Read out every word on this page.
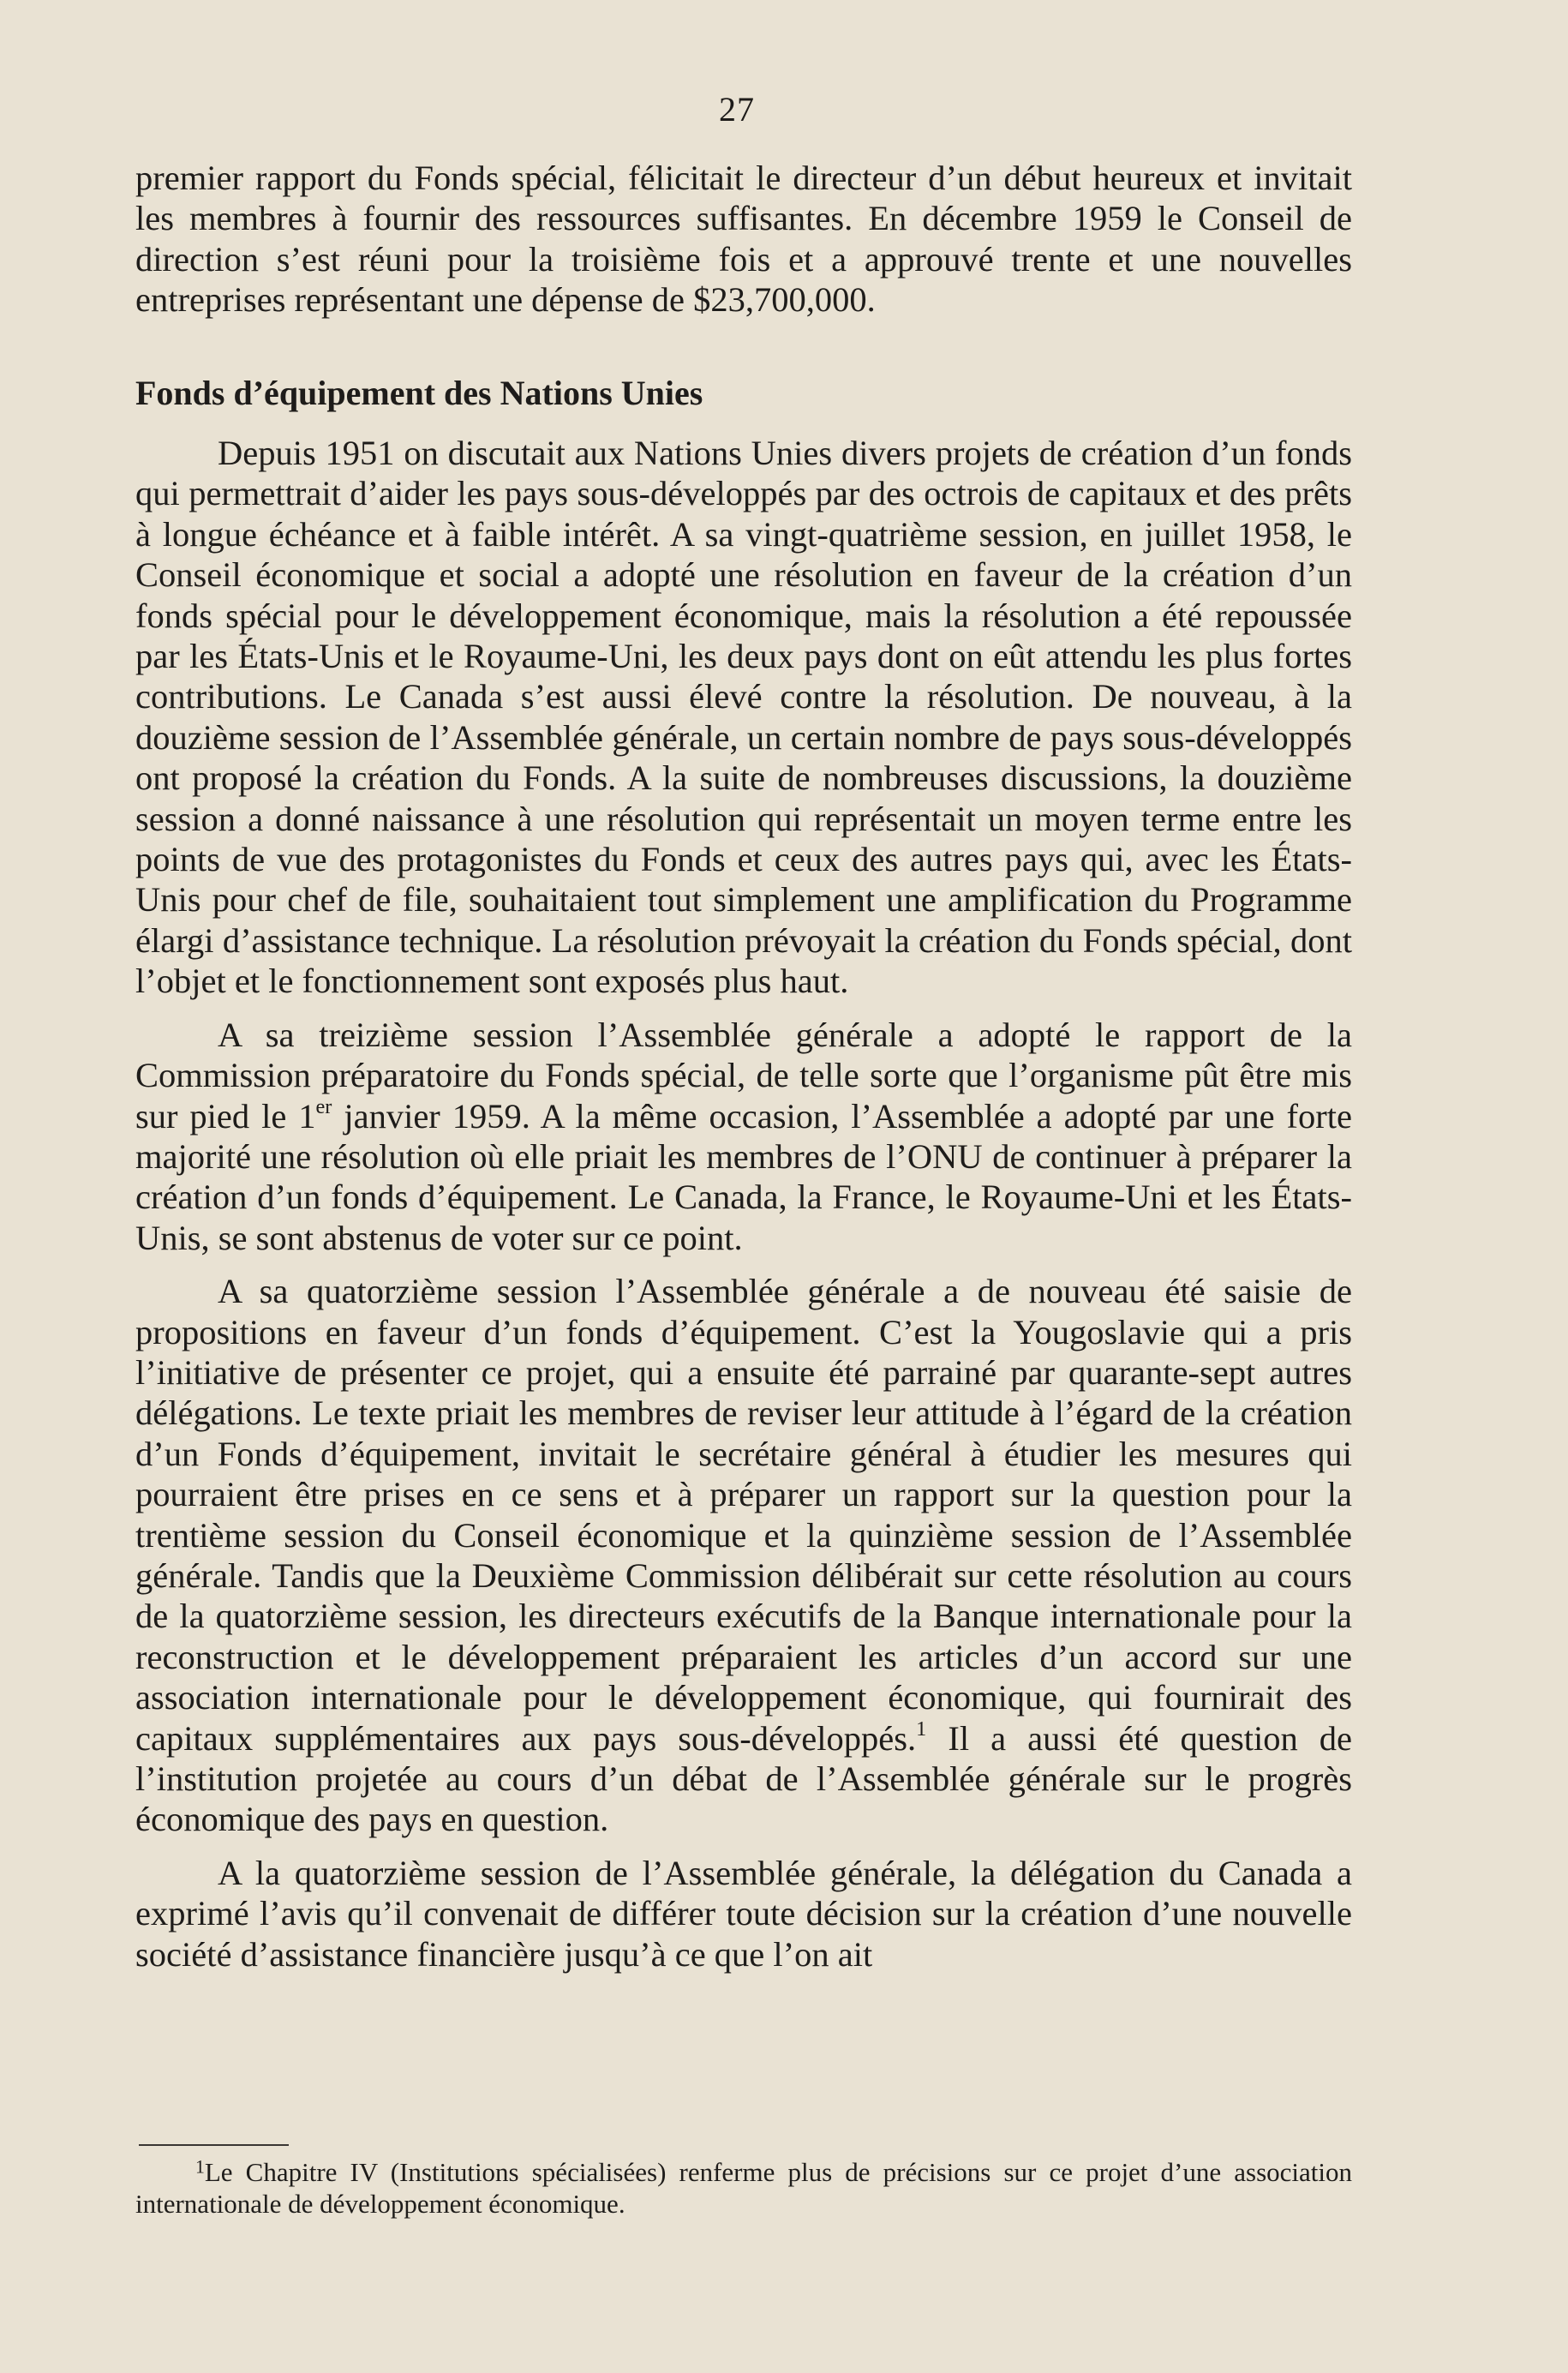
27

premier rapport du Fonds spécial, félicitait le directeur d’un début heureux et invitait les membres à fournir des ressources suffisantes. En décembre 1959 le Conseil de direction s’est réuni pour la troisième fois et a approuvé trente et une nouvelles entreprises représentant une dépense de $23,700,000.

Fonds d’équipement des Nations Unies

Depuis 1951 on discutait aux Nations Unies divers projets de création d’un fonds qui permettrait d’aider les pays sous-développés par des octrois de capitaux et des prêts à longue échéance et à faible intérêt. A sa vingt-quatrième session, en juillet 1958, le Conseil économique et social a adopté une résolution en faveur de la création d’un fonds spécial pour le développement économique, mais la résolution a été repoussée par les États-Unis et le Royaume-Uni, les deux pays dont on eût attendu les plus fortes contributions. Le Canada s’est aussi élevé contre la résolution. De nouveau, à la douzième session de l’Assemblée générale, un certain nombre de pays sous-développés ont proposé la création du Fonds. A la suite de nombreuses discussions, la douzième session a donné naissance à une résolution qui représentait un moyen terme entre les points de vue des protagonistes du Fonds et ceux des autres pays qui, avec les États-Unis pour chef de file, souhaitaient tout simplement une amplification du Programme élargi d’assistance technique. La résolution prévoyait la création du Fonds spécial, dont l’objet et le fonctionnement sont exposés plus haut.

A sa treizième session l’Assemblée générale a adopté le rapport de la Commission préparatoire du Fonds spécial, de telle sorte que l’organisme pût être mis sur pied le 1er janvier 1959. A la même occasion, l’Assemblée a adopté par une forte majorité une résolution où elle priait les membres de l’ONU de continuer à préparer la création d’un fonds d’équipement. Le Canada, la France, le Royaume-Uni et les États-Unis, se sont abstenus de voter sur ce point.

A sa quatorzième session l’Assemblée générale a de nouveau été saisie de propositions en faveur d’un fonds d’équipement. C’est la Yougoslavie qui a pris l’initiative de présenter ce projet, qui a ensuite été parrainé par quarante-sept autres délégations. Le texte priait les membres de reviser leur attitude à l’égard de la création d’un Fonds d’équipement, invitait le secrétaire général à étudier les mesures qui pourraient être prises en ce sens et à préparer un rapport sur la question pour la trentième session du Conseil économique et la quinzième session de l’Assemblée générale. Tandis que la Deuxième Commission délibérait sur cette résolution au cours de la quatorzième session, les directeurs exécutifs de la Banque internationale pour la reconstruction et le développement préparaient les articles d’un accord sur une association internationale pour le développement économique, qui fournirait des capitaux supplémentaires aux pays sous-développés.$^1$ Il a aussi été question de l’institution projetée au cours d’un débat de l’Assemblée générale sur le progrès économique des pays en question.

A la quatorzième session de l’Assemblée générale, la délégation du Canada a exprimé l’avis qu’il convenait de différer toute décision sur la création d’une nouvelle société d’assistance financière jusqu’à ce que l’on ait

$^1$Le Chapitre IV (Institutions spécialisées) renferme plus de précisions sur ce projet d’une association internationale de développement économique.
